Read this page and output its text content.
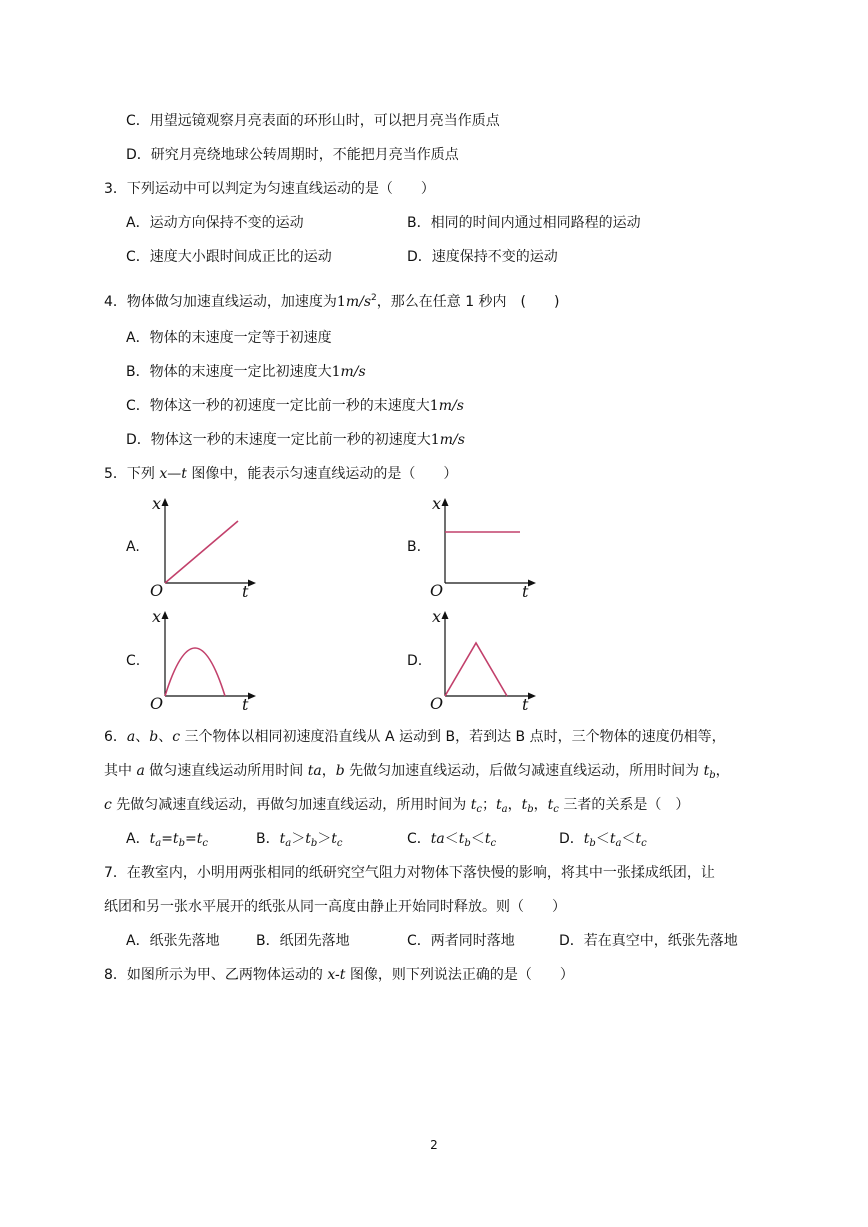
C．用望远镜观察月亮表面的环形山时，可以把月亮当作质点
D．研究月亮绕地球公转周期时，不能把月亮当作质点
3．下列运动中可以判定为匀速直线运动的是（　　）
A．运动方向保持不变的运动	B．相同的时间内通过相同路程的运动
C．速度大小跟时间成正比的运动	D．速度保持不变的运动
4．物体做匀加速直线运动，加速度为$1m/s^2$，那么在任意 1 秒内　(　　)
A．物体的末速度一定等于初速度
B．物体的末速度一定比初速度大1m/s
C．物体这一秒的初速度一定比前一秒的末速度大1m/s
D．物体这一秒的末速度一定比前一秒的初速度大1m/s
5．下列 x—t 图像中，能表示匀速直线运动的是（　　）
A.	B.
C.	D.
x
O	t
x
O	t
x
O	t
x
O	t
6．a、b、c 三个物体以相同初速度沿直线从 A 运动到 B，若到达 B 点时，三个物体的速度仍相等，
其中 a 做匀速直线运动所用时间 ta，b 先做匀加速直线运动，后做匀减速直线运动，所用时间为 $t_b$，
c 先做匀减速直线运动，再做匀加速直线运动，所用时间为 $t_c$；$t_a$，$t_b$，$t_c$ 三者的关系是（　）
A．$t_a=t_b=t_c$	B．$t_a>t_b>t_c$	C．$ta<t_b<t_c$	D．$t_b<t_a<t_c$
7．在教室内，小明用两张相同的纸研究空气阻力对物体下落快慢的影响，将其中一张揉成纸团，让
纸团和另一张水平展开的纸张从同一高度由静止开始同时释放。则（　　）
A．纸张先落地	B．纸团先落地	C．两者同时落地	D．若在真空中，纸张先落地
8．如图所示为甲、乙两物体运动的 x-t 图像，则下列说法正确的是（　　）
2
